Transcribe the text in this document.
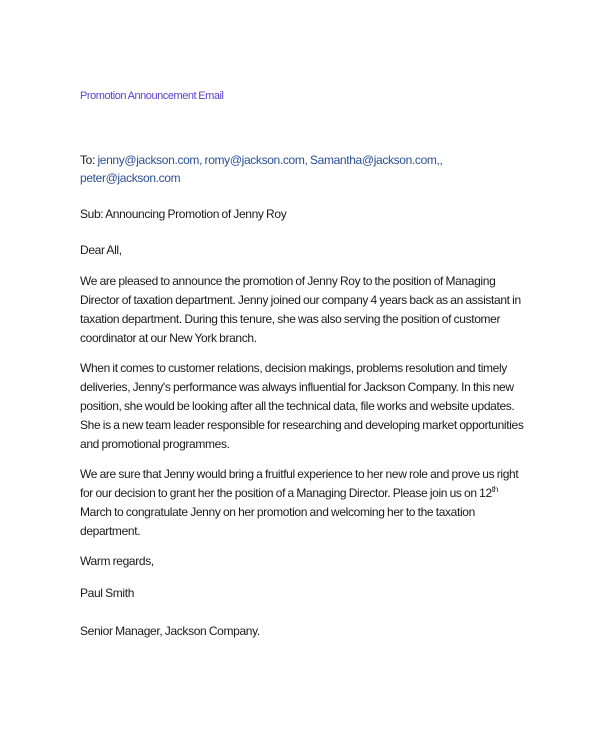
Promotion Announcement Email

To: jenny@jackson.com, romy@jackson.com, Samantha@jackson.com,, peter@jackson.com

Sub: Announcing Promotion of Jenny Roy

Dear All,

We are pleased to announce the promotion of Jenny Roy to the position of Managing Director of taxation department. Jenny joined our company 4 years back as an assistant in taxation department. During this tenure, she was also serving the position of customer coordinator at our New York branch.

When it comes to customer relations, decision makings, problems resolution and timely deliveries, Jenny's performance was always influential for Jackson Company. In this new position, she would be looking after all the technical data, file works and website updates. She is a new team leader responsible for researching and developing market opportunities and promotional programmes.

We are sure that Jenny would bring a fruitful experience to her new role and prove us right for our decision to grant her the position of a Managing Director. Please join us on 12th March to congratulate Jenny on her promotion and welcoming her to the taxation department.

Warm regards,

Paul Smith

Senior Manager, Jackson Company.
